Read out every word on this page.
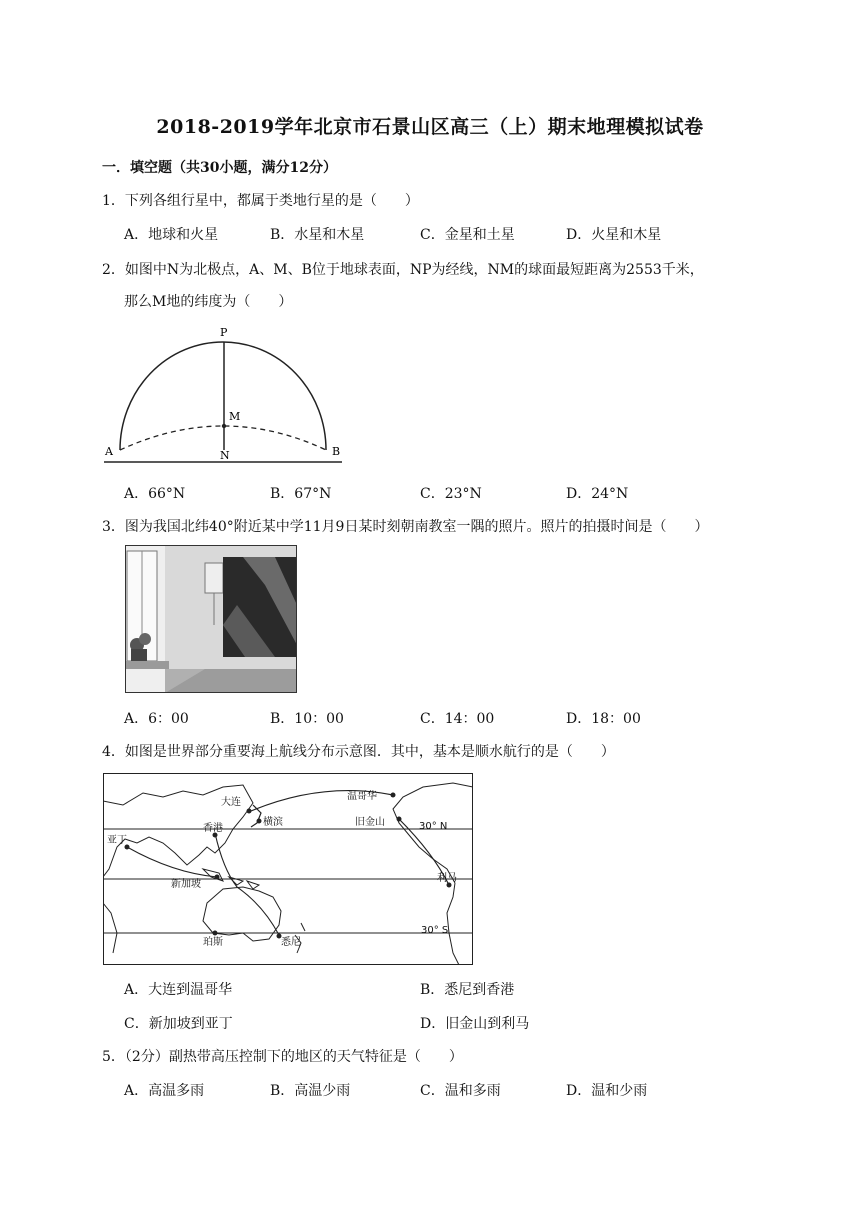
2018-2019学年北京市石景山区高三（上）期末地理模拟试卷
一．填空题（共30小题，满分12分）
1．下列各组行星中，都属于类地行星的是（　　）
A．地球和火星	B．水星和木星	C．金星和土星	D．火星和木星
2．如图中N为北极点，A、M、B位于地球表面，NP为经线，NM的球面最短距离为2553千米，
那么M地的纬度为（　　）
P
M
A	N	B
A．66°N	B．67°N	C．23°N	D．24°N
3．图为我国北纬40°附近某中学11月9日某时刻朝南教室一隅的照片。照片的拍摄时间是（　　）
A．6：00	B．10：00	C．14：00	D．18：00
4．如图是世界部分重要海上航线分布示意图．其中，基本是顺水航行的是（　　）
大连
横滨
温哥华
旧金山
香港
亚丁
新加坡
利马
珀斯	悉尼
30° N
30° S
A．大连到温哥华	B．悉尼到香港
C．新加坡到亚丁	D．旧金山到利马
5．（2分）副热带高压控制下的地区的天气特征是（　　）
A．高温多雨	B．高温少雨	C．温和多雨	D．温和少雨
